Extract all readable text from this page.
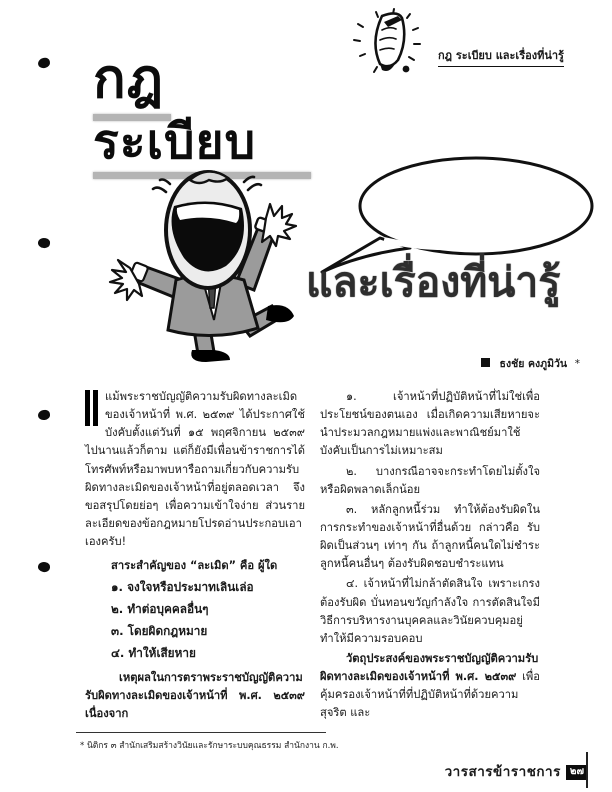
กฎ ระเบียบ และเรื่องที่น่ารู้
กฎ
ระเบียบ
และเรื่องที่น่ารู้
ธงชัย คงภูมิวัน *

แม้พระราชบัญญัติความรับผิดทางละเมิดของเจ้าหน้าที่ พ.ศ. ๒๕๓๙ ได้ประกาศใช้บังคับตั้งแต่วันที่ ๑๕ พฤศจิกายน ๒๕๓๙ ไปนานแล้วก็ตาม แต่ก็ยังมีเพื่อนข้าราชการได้โทรศัพท์หรือมาพบหารือถามเกี่ยวกับความรับผิดทางละเมิดของเจ้าหน้าที่อยู่ตลอดเวลา จึงขอสรุปโดยย่อๆ เพื่อความเข้าใจง่าย ส่วนรายละเอียดของข้อกฎหมายโปรดอ่านประกอบเอาเองครับ!

สาระสำคัญของ “ละเมิด” คือ ผู้ใด

๑. จงใจหรือประมาทเลินเล่อ
๒. ทำต่อบุคคลอื่นๆ
๓. โดยผิดกฎหมาย
๔. ทำให้เสียหาย

เหตุผลในการตราพระราชบัญญัติความรับผิดทางละเมิดของเจ้าหน้าที่ พ.ศ. ๒๕๓๙ เนื่องจาก

๑. เจ้าหน้าที่ปฏิบัติหน้าที่ไม่ใช่เพื่อประโยชน์ของตนเอง เมื่อเกิดความเสียหายจะนำประมวลกฎหมายแพ่งและพาณิชย์มาใช้บังคับเป็นการไม่เหมาะสม

๒. บางกรณีอาจจะกระทำโดยไม่ตั้งใจหรือผิดพลาดเล็กน้อย

๓. หลักลูกหนี้ร่วม ทำให้ต้องรับผิดในการกระทำของเจ้าหน้าที่อื่นด้วย กล่าวคือ รับผิดเป็นส่วนๆ เท่าๆ กัน ถ้าลูกหนี้คนใดไม่ชำระ ลูกหนี้คนอื่นๆ ต้องรับผิดชอบชำระแทน

๔. เจ้าหน้าที่ไม่กล้าตัดสินใจ เพราะเกรงต้องรับผิด บั่นทอนขวัญกำลังใจ การตัดสินใจมีวิธีการบริหารงานบุคคลและวินัยควบคุมอยู่ ทำให้มีความรอบคอบ

วัตถุประสงค์ของพระราชบัญญัติความรับผิดทางละเมิดของเจ้าหน้าที่ พ.ศ. ๒๕๓๙ เพื่อคุ้มครองเจ้าหน้าที่ที่ปฏิบัติหน้าที่ด้วยความสุจริต และ

* นิติกร ๓ สำนักเสริมสร้างวินัยและรักษาระบบคุณธรรม สำนักงาน ก.พ.
วารสารข้าราชการ ๒๗
